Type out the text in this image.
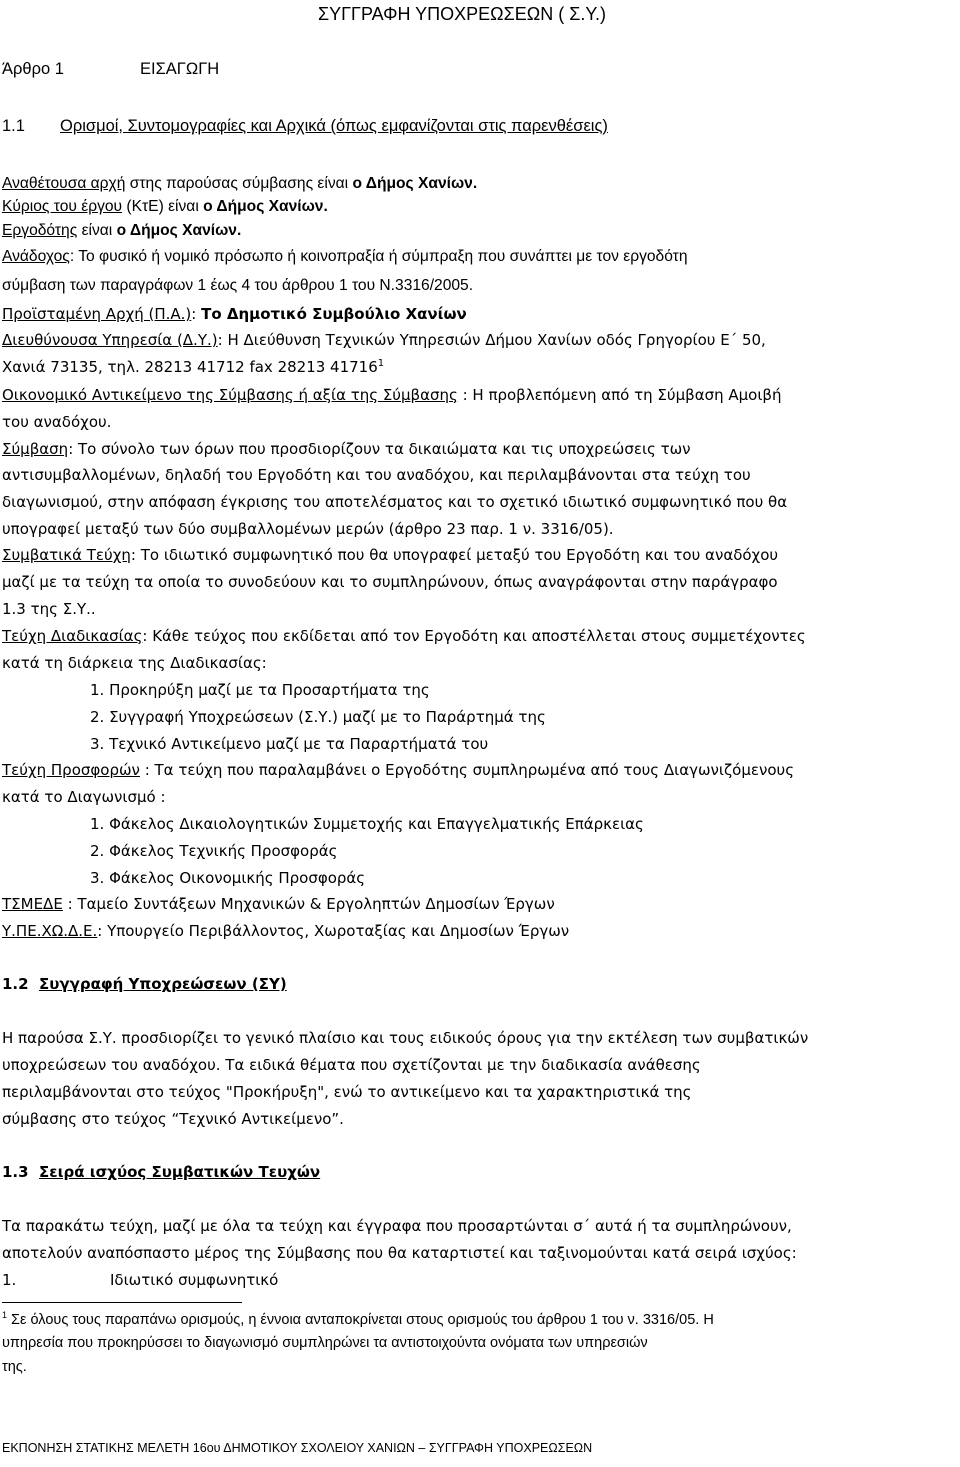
ΣΥΓΓΡΑΦΗ ΥΠΟΧΡΕΩΣΕΩΝ ( Σ.Υ.)
Άρθρο 1	ΕΙΣΑΓΩΓΗ
1.1 Ορισμοί, Συντομογραφίες και Αρχικά (όπως εμφανίζονται στις παρενθέσεις)
Αναθέτουσα αρχή στης παρούσας σύμβασης είναι ο Δήμος Χανίων.
Κύριος του έργου (ΚτΕ) είναι ο Δήμος Χανίων.
Εργοδότης είναι ο Δήμος Χανίων.
Ανάδοχος: Το φυσικό ή νομικό πρόσωπο ή κοινοπραξία ή σύμπραξη που συνάπτει με τον εργοδότη
σύμβαση των παραγράφων 1 έως 4 του άρθρου 1 του Ν.3316/2005.
Προϊσταμένη Αρχή (Π.Α.): Το Δημοτικό Συμβούλιο Χανίων
Διευθύνουσα Υπηρεσία (Δ.Υ.): Η Διεύθυνση Τεχνικών Υπηρεσιών Δήμου Χανίων οδός Γρηγορίου Ε΄ 50,
Χανιά 73135, τηλ. 28213 41712 fax 28213 41716$^1$
Οικονομικό Αντικείμενο της Σύμβασης ή αξία της Σύμβασης : Η προβλεπόμενη από τη Σύμβαση Αμοιβή
του αναδόχου.
Σύμβαση: Το σύνολο των όρων που προσδιορίζουν τα δικαιώματα και τις υποχρεώσεις των
αντισυμβαλλομένων, δηλαδή του Εργοδότη και του αναδόχου, και περιλαμβάνονται στα τεύχη του
διαγωνισμού, στην απόφαση έγκρισης του αποτελέσματος και το σχετικό ιδιωτικό συμφωνητικό που θα
υπογραφεί μεταξύ των δύο συμβαλλομένων μερών (άρθρο 23 παρ. 1 ν. 3316/05).
Συμβατικά Τεύχη: Το ιδιωτικό συμφωνητικό που θα υπογραφεί μεταξύ του Εργοδότη και του αναδόχου
μαζί με τα τεύχη τα οποία το συνοδεύουν και το συμπληρώνουν, όπως αναγράφονται στην παράγραφο
1.3 της Σ.Υ..
Τεύχη Διαδικασίας: Κάθε τεύχος που εκδίδεται από τον Εργοδότη και αποστέλλεται στους συμμετέχοντες
κατά τη διάρκεια της Διαδικασίας:
1. Προκηρύξη μαζί με τα Προσαρτήματα της
2. Συγγραφή Υποχρεώσεων (Σ.Υ.) μαζί με το Παράρτημά της
3. Τεχνικό Αντικείμενο μαζί με τα Παραρτήματά του
Τεύχη Προσφορών : Τα τεύχη που παραλαμβάνει ο Εργοδότης συμπληρωμένα από τους Διαγωνιζόμενους
κατά το Διαγωνισμό :
1. Φάκελος Δικαιολογητικών Συμμετοχής και Επαγγελματικής Επάρκειας
2. Φάκελος Τεχνικής Προσφοράς
3. Φάκελος Οικονομικής Προσφοράς
ΤΣΜΕΔΕ : Ταμείο Συντάξεων Μηχανικών & Εργοληπτών Δημοσίων Έργων
Υ.ΠΕ.ΧΩ.Δ.Ε.: Υπουργείο Περιβάλλοντος, Χωροταξίας και Δημοσίων Έργων
1.2 Συγγραφή Υποχρεώσεων (ΣΥ)
Η παρούσα Σ.Υ. προσδιορίζει το γενικό πλαίσιο και τους ειδικούς όρους για την εκτέλεση των συμβατικών
υποχρεώσεων του αναδόχου. Τα ειδικά θέματα που σχετίζονται με την διαδικασία ανάθεσης
περιλαμβάνονται στο τεύχος "Προκήρυξη", ενώ το αντικείμενο και τα χαρακτηριστικά της
σύμβασης στο τεύχος “Τεχνικό Αντικείμενο”.
1.3 Σειρά ισχύος Συμβατικών Τευχών
Τα παρακάτω τεύχη, μαζί με όλα τα τεύχη και έγγραφα που προσαρτώνται σ΄ αυτά ή τα συμπληρώνουν,
αποτελούν αναπόσπαστο μέρος της Σύμβασης που θα καταρτιστεί και ταξινομούνται κατά σειρά ισχύος:
1.	Ιδιωτικό συμφωνητικό
$^1$ Σε όλους τους παραπάνω ορισμούς, η έννοια ανταποκρίνεται στους ορισμούς του άρθρου 1 του ν. 3316/05. Η
υπηρεσία που προκηρύσσει το διαγωνισμό συμπληρώνει τα αντιστοιχούντα ονόματα των υπηρεσιών
της.
ΕΚΠΟΝΗΣΗ ΣΤΑΤΙΚΗΣ ΜΕΛΕΤΗ 16ου ΔΗΜΟΤΙΚΟΥ ΣΧΟΛΕΙΟΥ ΧΑΝΙΩΝ – ΣΥΓΓΡΑΦΗ ΥΠΟΧΡΕΩΣΕΩΝ
